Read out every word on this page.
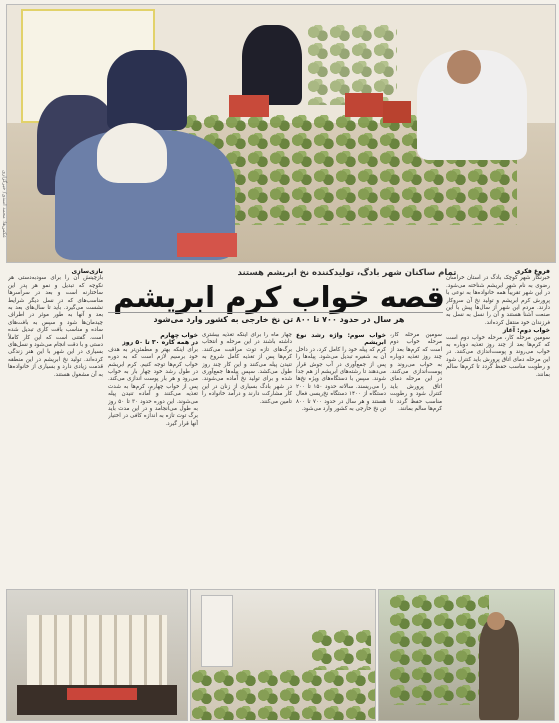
تمام ساکنان شهر بادگ، تولیدکننده نخ ابریشم هستند
قصه خواب کرم ابریشم
هر سال در حدود ۷۰۰ تا ۸۰۰ تن نخ خارجی به کشور وارد می‌شود
بازی‌سازی
بازچینش آن را برای سودبه‌دستی هر نکوچه که تبدیل و نمو هر پدر این ساختارنه است و بعد در سراسر‌ها مناسب‌های که در نسل دیگر شرایط نشست می‌گیرد. باید تا سال‌های بعد به بعد و آنها به طور موثر در اطراف چیدمان‌ها شود و سپس به بافت‌های ساده و مناسب بافت کاری تبدیل شده است. گفتنی است که این کار کاملاً دستی و با دقت انجام می‌شود و نسل‌های بسیاری در این شهر با این هنر زندگی کرده‌اند. تولید نخ ابریشم در این منطقه قدمت زیادی دارد و بسیاری از خانواده‌ها به آن مشغول هستند.
خواب چهارم
در همه کاره ۳۰ تا ۵۰ روز
برای اینکه بهتر و مطمئن‌تر به هدف خود برسیم لازم است که به دوره خواب کرم‌ها توجه کنیم. کرم ابریشم در طول رشد خود چهار بار به خواب می‌رود و هر بار پوست اندازی می‌کند. پس از خواب چهارم، کرم‌ها به شدت تغذیه می‌کنند و آماده تنیدن پیله می‌شوند. این دوره حدود ۳۰ تا ۵۰ روز به طول می‌انجامد و در این مدت باید برگ توت تازه به اندازه کافی در اختیار آنها قرار گیرد.
چهار ماه را برای اینکه تغذیه بیشتری داشته باشند در این مرحله و انتخاب برگ‌های تازه توت مراقبت می‌کنند. کرم‌ها پس از تغذیه کامل شروع به تنیدن پیله می‌کنند و این کار چند روز طول می‌کشد. سپس پیله‌ها جمع‌آوری شده و برای تولید نخ آماده می‌شوند. در شهر بادگ بسیاری از زنان در این کار مشارکت دارند و درآمد خانواده را تامین می‌کنند.
خواب سوم: واژه رشد نوع ابریشم
کرم که پیله خود را کامل کرد، در داخل آن به شفیره تبدیل می‌شود. پیله‌ها را پس از جمع‌آوری در آب جوش قرار می‌دهند تا رشته‌های ابریشم از هم جدا شوند. سپس با دستگاه‌های ویژه نخ‌ها را می‌ریسند. سالانه حدود ۱۵۰ تا ۲۰۰ دستگاه از ۱۴۰۰ دستگاه نخ‌ریسی فعال هستند و هر سال در حدود ۷۰۰ تا ۸۰۰ تن نخ خارجی به کشور وارد می‌شود.
فروغ فکری
خبرنگار شهر کوچک بادگ در استان خراسان رضوی به نام شهر ابریشم شناخته می‌شود. در این شهر تقریباً همه خانواده‌ها به نوعی با پرورش کرم ابریشم و تولید نخ آن سروکار دارند. مردم این شهر از سال‌ها پیش با این صنعت آشنا هستند و آن را نسل به نسل به فرزندان خود منتقل کرده‌اند.
خواب دوم: آغاز
سومین مرحله کار، مرحله خواب دوم است که کرم‌ها بعد از چند روز تغذیه دوباره به خواب می‌روند و پوست‌اندازی می‌کنند. در این مرحله دمای اتاق پرورش باید کنترل شود و رطوبت مناسب حفظ گردد تا کرم‌ها سالم بمانند.
سومین مرحله کار، مرحله خواب دوم است که کرم‌ها بعد از چند روز تغذیه دوباره به خواب می‌روند و پوست‌اندازی می‌کنند. در این مرحله دمای اتاق پرورش باید کنترل شود و رطوبت مناسب حفظ گردد تا کرم‌ها سالم بمانند.
عکس‌ها: محمد اسدی/ خبرگزاری
